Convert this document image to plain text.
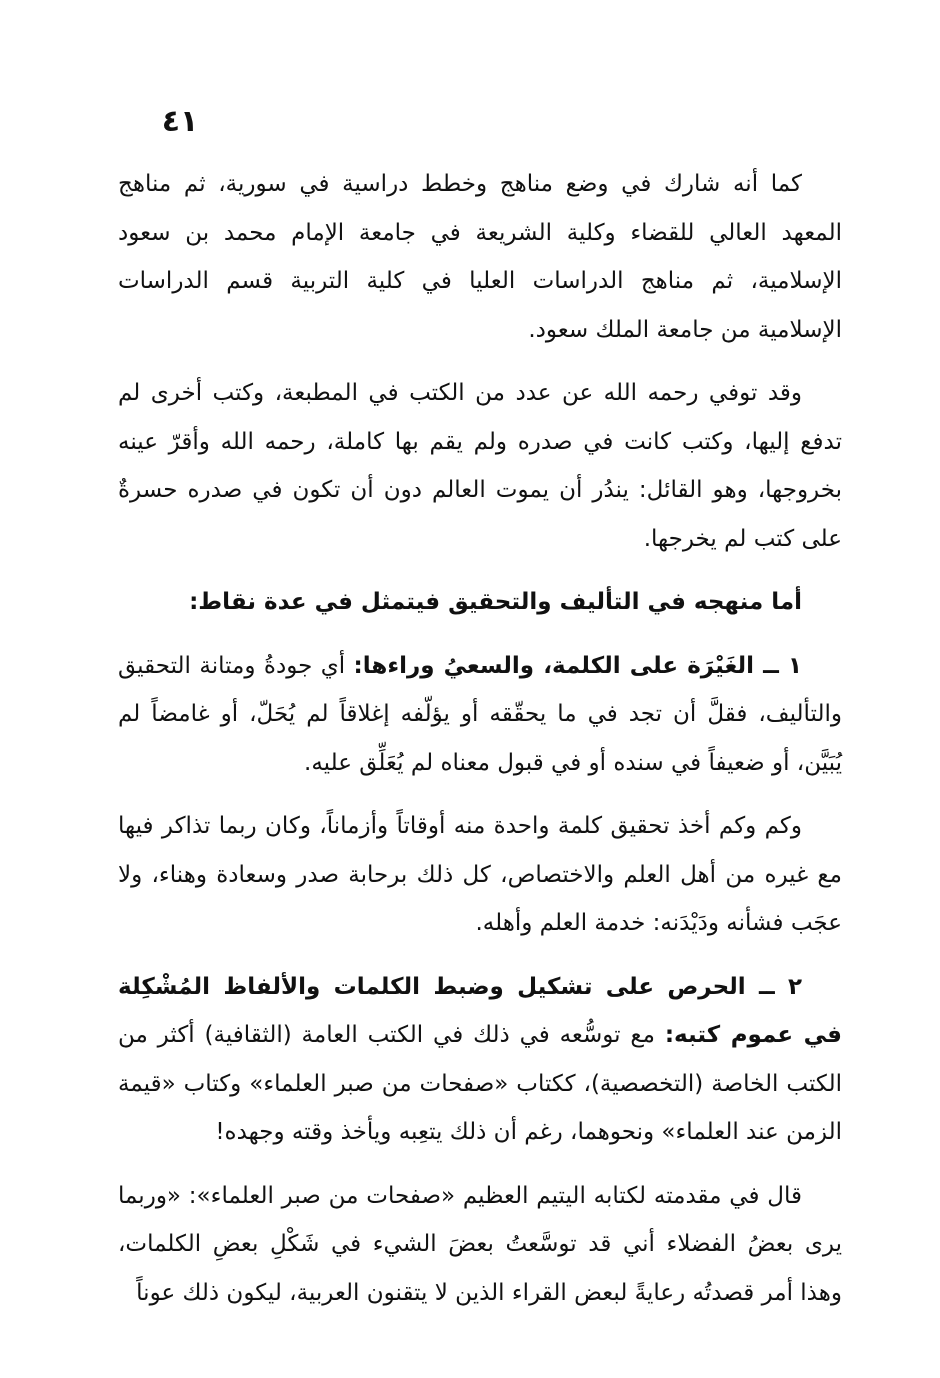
٤١

كما أنه شارك في وضع مناهج وخطط دراسية في سورية، ثم مناهج المعهد العالي للقضاء وكلية الشريعة في جامعة الإمام محمد بن سعود الإسلامية، ثم مناهج الدراسات العليا في كلية التربية قسم الدراسات الإسلامية من جامعة الملك سعود.

وقد توفي رحمه الله عن عدد من الكتب في المطبعة، وكتب أخرى لم تدفع إليها، وكتب كانت في صدره ولم يقم بها كاملة، رحمه الله وأقرّ عينه بخروجها، وهو القائل: يندُر أن يموت العالم دون أن تكون في صدره حسرةٌ على كتب لم يخرجها.

أما منهجه في التأليف والتحقيق فيتمثل في عدة نقاط:

١ ــ الغَيْرَة على الكلمة، والسعيُ وراءها: أي جودةُ ومتانة التحقيق والتأليف، فقلَّ أن تجد في ما يحقّقه أو يؤلّفه إغلاقاً لم يُحَلّ، أو غامضاً لم يُبَيَّن، أو ضعيفاً في سنده أو في قبول معناه لم يُعَلِّق عليه.

وكم وكم أخذ تحقيق كلمة واحدة منه أوقاتاً وأزماناً، وكان ربما تذاكر فيها مع غيره من أهل العلم والاختصاص، كل ذلك برحابة صدر وسعادة وهناء، ولا عجَب فشأنه ودَيْدَنه: خدمة العلم وأهله.

٢ ــ الحرص على تشكيل وضبط الكلمات والألفاظ المُشْكِلة في عموم كتبه: مع توسُّعه في ذلك في الكتب العامة (الثقافية) أكثر من الكتب الخاصة (التخصصية)، ككتاب «صفحات من صبر العلماء» وكتاب «قيمة الزمن عند العلماء» ونحوهما، رغم أن ذلك يتعِبه ويأخذ وقته وجهده!

قال في مقدمته لكتابه اليتيم العظيم «صفحات من صبر العلماء»: «وربما يرى بعضُ الفضلاء أني قد توسَّعتُ بعضَ الشيء في شَكْلِ بعضِ الكلمات، وهذا أمر قصدتُه رعايةً لبعض القراء الذين لا يتقنون العربية، ليكون ذلك عوناً
